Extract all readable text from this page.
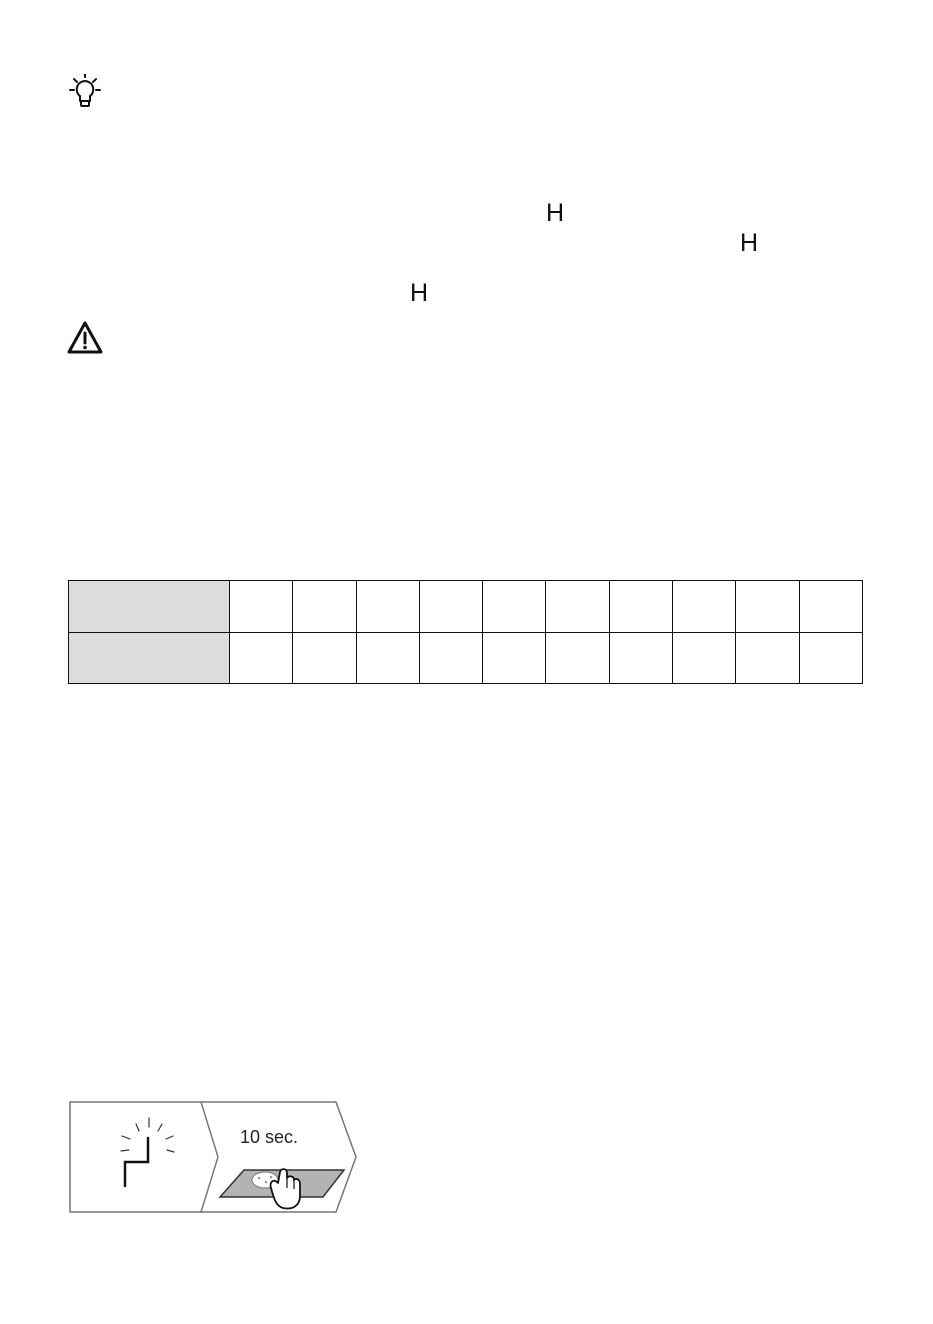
H
H
H

10 sec.
